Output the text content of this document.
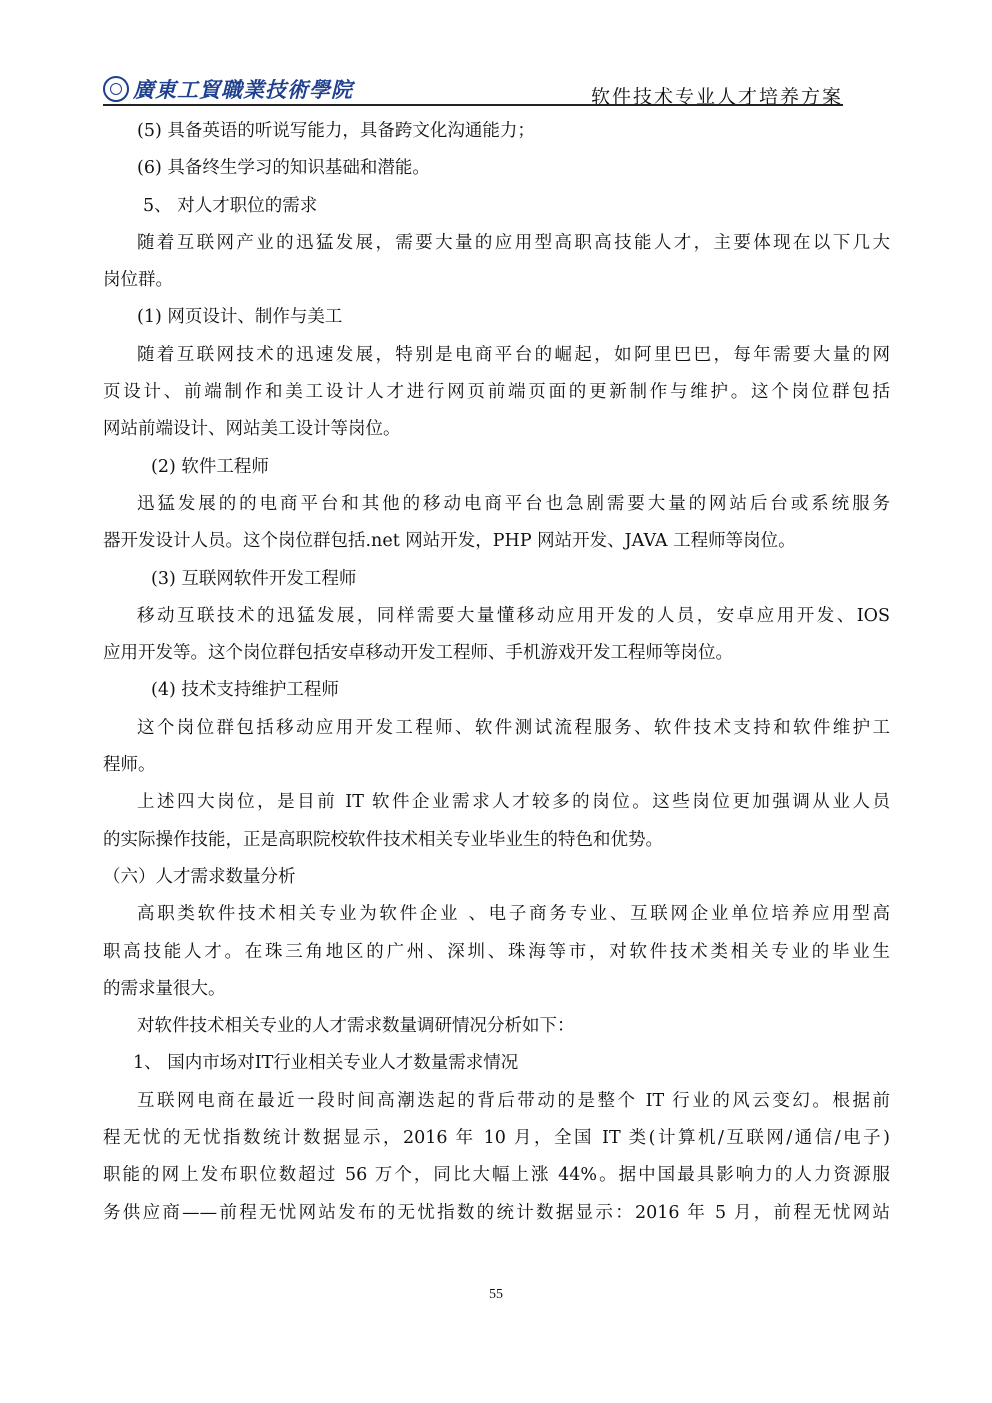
廣東工貿職業技術學院	软件技术专业人才培养方案
(5) 具备英语的听说写能力，具备跨文化沟通能力；
(6) 具备终生学习的知识基础和潜能。
5、 对人才职位的需求
随着互联网产业的迅猛发展，需要大量的应用型高职高技能人才，主要体现在以下几大
岗位群。
(1) 网页设计、制作与美工
随着互联网技术的迅速发展，特别是电商平台的崛起，如阿里巴巴，每年需要大量的网
页设计、前端制作和美工设计人才进行网页前端页面的更新制作与维护。这个岗位群包括
网站前端设计、网站美工设计等岗位。
(2) 软件工程师
迅猛发展的的电商平台和其他的移动电商平台也急剧需要大量的网站后台或系统服务
器开发设计人员。这个岗位群包括.net 网站开发，PHP 网站开发、JAVA 工程师等岗位。
(3) 互联网软件开发工程师
移动互联技术的迅猛发展，同样需要大量懂移动应用开发的人员，安卓应用开发、IOS
应用开发等。这个岗位群包括安卓移动开发工程师、手机游戏开发工程师等岗位。
(4) 技术支持维护工程师
这个岗位群包括移动应用开发工程师、软件测试流程服务、软件技术支持和软件维护工
程师。
上述四大岗位，是目前 IT 软件企业需求人才较多的岗位。这些岗位更加强调从业人员
的实际操作技能，正是高职院校软件技术相关专业毕业生的特色和优势。
（六）人才需求数量分析
高职类软件技术相关专业为软件企业 、电子商务专业、互联网企业单位培养应用型高
职高技能人才。在珠三角地区的广州、深圳、珠海等市，对软件技术类相关专业的毕业生
的需求量很大。
对软件技术相关专业的人才需求数量调研情况分析如下：
1、 国内市场对IT行业相关专业人才数量需求情况
互联网电商在最近一段时间高潮迭起的背后带动的是整个 IT 行业的风云变幻。根据前
程无忧的无忧指数统计数据显示，2016 年 10 月，全国 IT 类(计算机/互联网/通信/电子)
职能的网上发布职位数超过 56 万个，同比大幅上涨 44%。据中国最具影响力的人力资源服
务供应商——前程无忧网站发布的无忧指数的统计数据显示：2016 年 5 月，前程无忧网站
55
